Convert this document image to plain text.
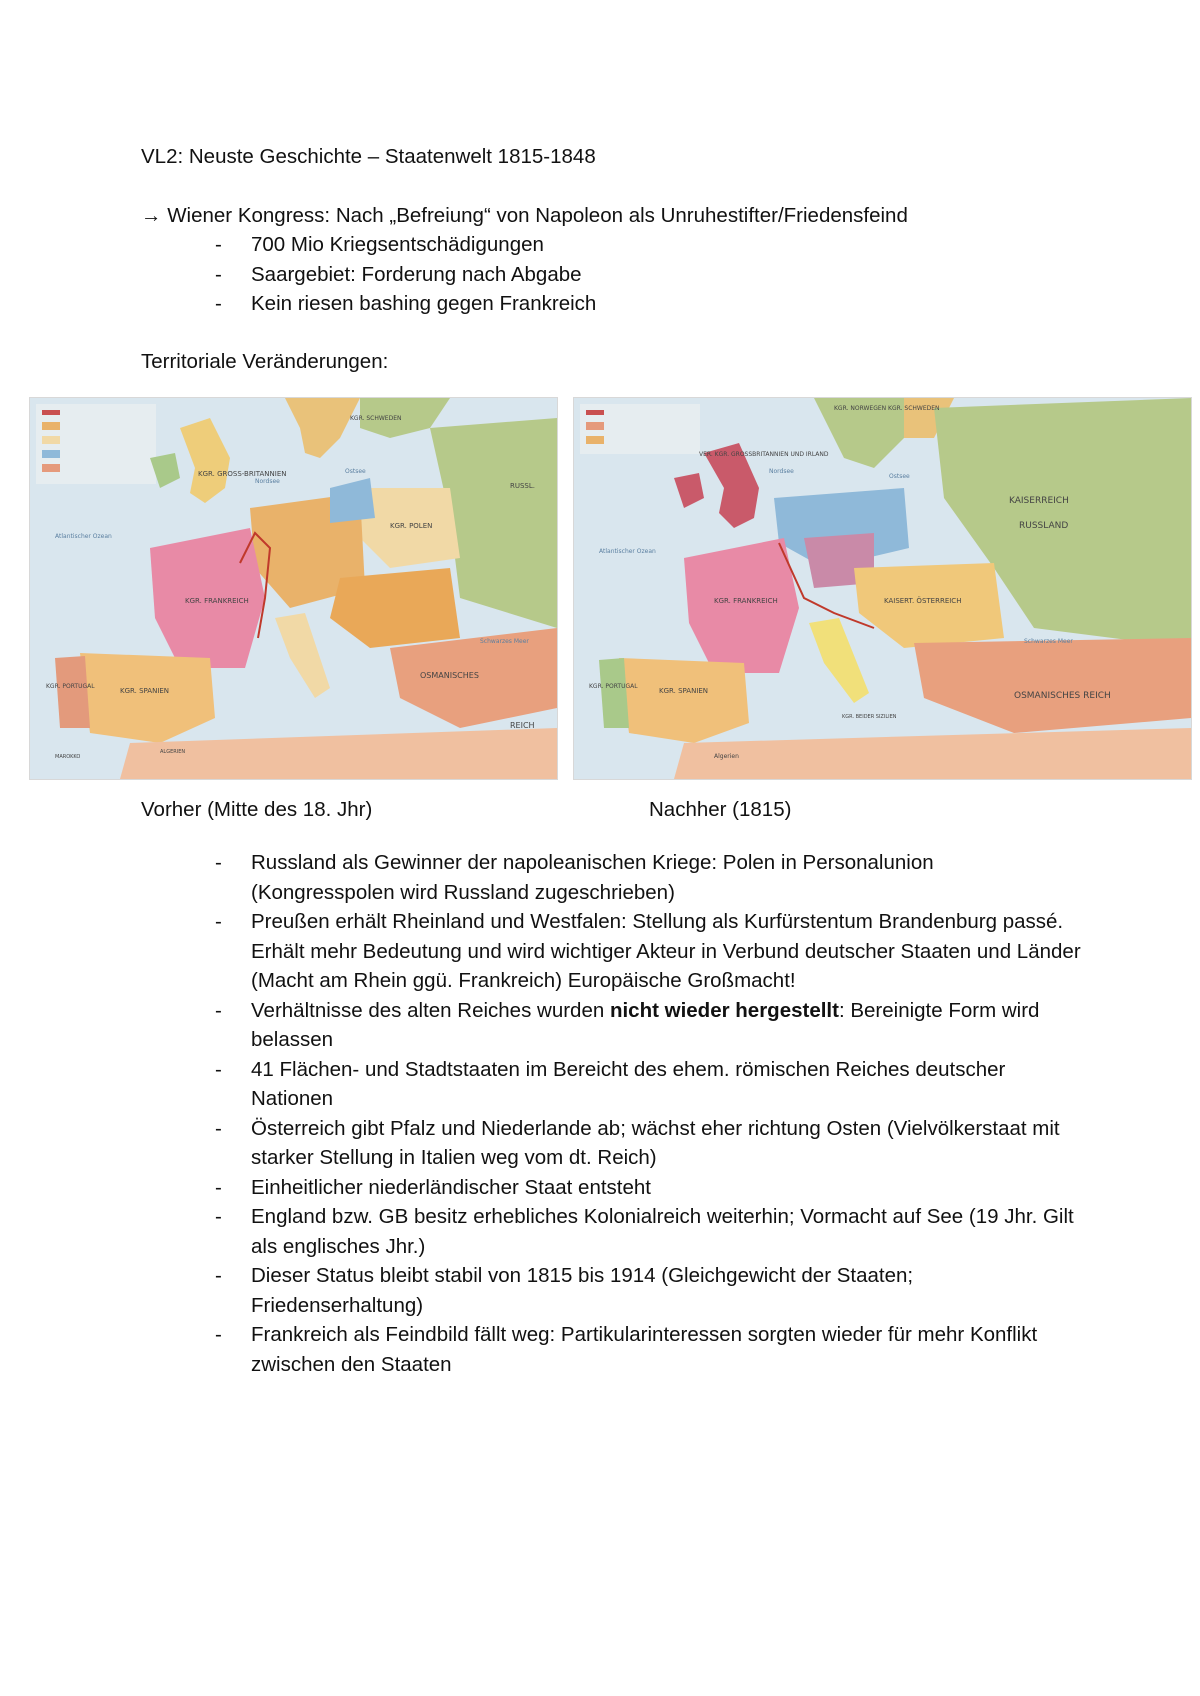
VL2: Neuste Geschichte – Staatenwelt 1815-1848
→ Wiener Kongress: Nach „Befreiung“ von Napoleon als Unruhestifter/Friedensfeind
- 700 Mio Kriegsentschädigungen
- Saargebiet: Forderung nach Abgabe
- Kein riesen bashing gegen Frankreich
Territoriale Veränderungen:
KGR. GROSS-BRITANNIEN
KGR. FRANKREICH
KGR. SPANIEN
KGR. PORTUGAL
KGR. POLEN
KGR. SCHWEDEN
RUSSL.
OSMANISCHES
REICH
Atlantischer Ozean
Nordsee
Ostsee
Schwarzes Meer
MAROKKO
ALGERIEN
VER. KGR. GROSSBRITANNIEN UND IRLAND
KGR. FRANKREICH
KGR. SPANIEN
KGR. PORTUGAL
KAISERREICH
RUSSLAND
KAISERT. ÖSTERREICH
KGR. NORWEGEN KGR. SCHWEDEN
OSMANISCHES REICH
Atlantischer Ozean
Nordsee
Ostsee
Schwarzes Meer
Algerien
KGR. BEIDER SIZILIEN
Vorher (Mitte des 18. Jhr)	Nachher (1815)
- Russland als Gewinner der napoleanischen Kriege: Polen in Personalunion (Kongresspolen wird Russland zugeschrieben)
- Preußen erhält Rheinland und Westfalen: Stellung als Kurfürstentum Brandenburg passé. Erhält mehr Bedeutung und wird wichtiger Akteur in Verbund deutscher Staaten und Länder (Macht am Rhein ggü. Frankreich) Europäische Großmacht!
- Verhältnisse des alten Reiches wurden nicht wieder hergestellt: Bereinigte Form wird belassen
- 41 Flächen- und Stadtstaaten im Bereicht des ehem. römischen Reiches deutscher Nationen
- Österreich gibt Pfalz und Niederlande ab; wächst eher richtung Osten (Vielvölkerstaat mit starker Stellung in Italien weg vom dt. Reich)
- Einheitlicher niederländischer Staat entsteht
- England bzw. GB besitz erhebliches Kolonialreich weiterhin; Vormacht auf See (19 Jhr. Gilt als englisches Jhr.)
- Dieser Status bleibt stabil von 1815 bis 1914 (Gleichgewicht der Staaten; Friedenserhaltung)
- Frankreich als Feindbild fällt weg: Partikularinteressen sorgten wieder für mehr Konflikt zwischen den Staaten
